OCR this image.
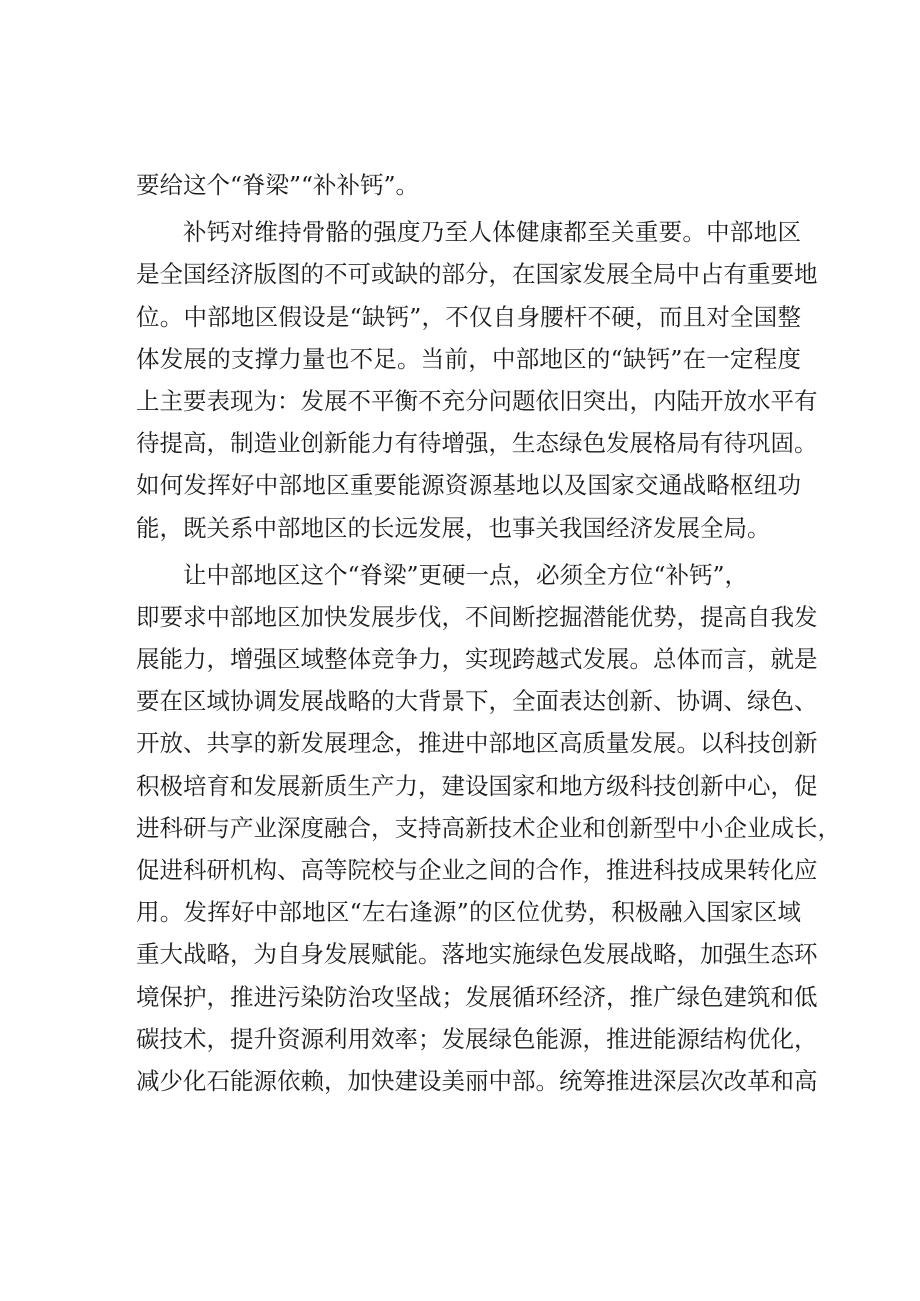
要给这个“脊梁”“补补钙”。
补钙对维持骨骼的强度乃至人体健康都至关重要。中部地区
是全国经济版图的不可或缺的部分，在国家发展全局中占有重要地
位。中部地区假设是“缺钙”，不仅自身腰杆不硬，而且对全国整
体发展的支撑力量也不足。当前，中部地区的“缺钙”在一定程度
上主要表现为：发展不平衡不充分问题依旧突出，内陆开放水平有
待提高，制造业创新能力有待增强，生态绿色发展格局有待巩固。
如何发挥好中部地区重要能源资源基地以及国家交通战略枢纽功
能，既关系中部地区的长远发展，也事关我国经济发展全局。
让中部地区这个“脊梁”更硬一点，必须全方位“补钙”，
即要求中部地区加快发展步伐，不间断挖掘潜能优势，提高自我发
展能力，增强区域整体竞争力，实现跨越式发展。总体而言，就是
要在区域协调发展战略的大背景下，全面表达创新、协调、绿色、
开放、共享的新发展理念，推进中部地区高质量发展。以科技创新
积极培育和发展新质生产力，建设国家和地方级科技创新中心，促
进科研与产业深度融合，支持高新技术企业和创新型中小企业成长，
促进科研机构、高等院校与企业之间的合作，推进科技成果转化应
用。发挥好中部地区“左右逢源”的区位优势，积极融入国家区域
重大战略，为自身发展赋能。落地实施绿色发展战略，加强生态环
境保护，推进污染防治攻坚战；发展循环经济，推广绿色建筑和低
碳技术，提升资源利用效率；发展绿色能源，推进能源结构优化，
减少化石能源依赖，加快建设美丽中部。统筹推进深层次改革和高
